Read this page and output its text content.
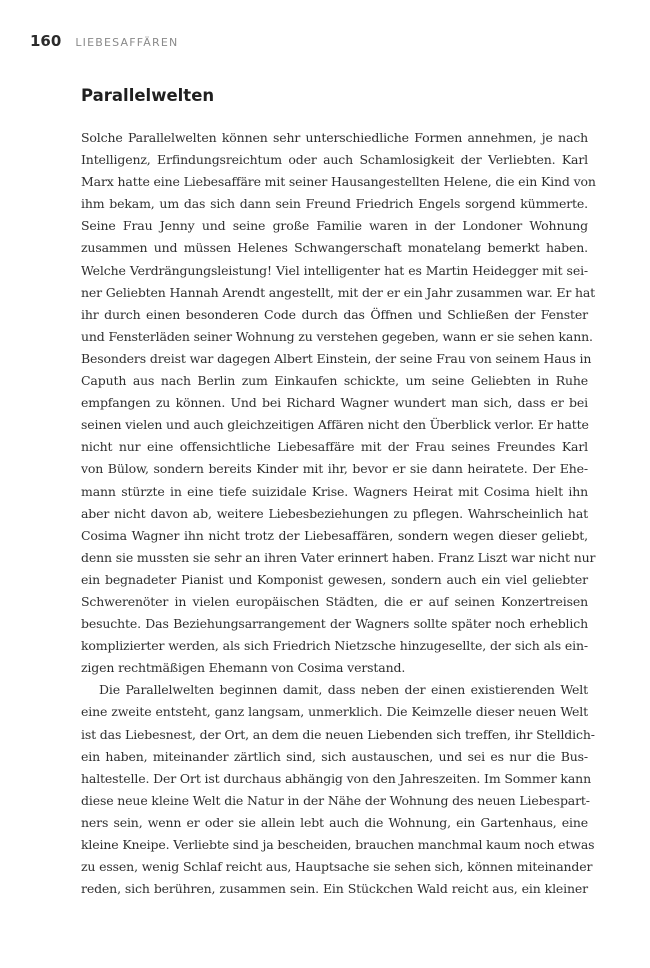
160 LIEBESAFFÄREN
Parallelwelten
Solche Parallelwelten können sehr unterschiedliche Formen annehmen, je nach
Intelligenz, Erfindungsreichtum oder auch Schamlosigkeit der Verliebten. Karl
Marx hatte eine Liebesaffäre mit seiner Hausangestellten Helene, die ein Kind von
ihm bekam, um das sich dann sein Freund Friedrich Engels sorgend kümmerte.
Seine Frau Jenny und seine große Familie waren in der Londoner Wohnung
zusammen und müssen Helenes Schwangerschaft monatelang bemerkt haben.
Welche Verdrängungsleistung! Viel intelligenter hat es Martin Heidegger mit sei-
ner Geliebten Hannah Arendt angestellt, mit der er ein Jahr zusammen war. Er hat
ihr durch einen besonderen Code durch das Öffnen und Schließen der Fenster
und Fensterläden seiner Wohnung zu verstehen gegeben, wann er sie sehen kann.
Besonders dreist war dagegen Albert Einstein, der seine Frau von seinem Haus in
Caputh aus nach Berlin zum Einkaufen schickte, um seine Geliebten in Ruhe
empfangen zu können. Und bei Richard Wagner wundert man sich, dass er bei
seinen vielen und auch gleichzeitigen Affären nicht den Überblick verlor. Er hatte
nicht nur eine offensichtliche Liebesaffäre mit der Frau seines Freundes Karl
von Bülow, sondern bereits Kinder mit ihr, bevor er sie dann heiratete. Der Ehe-
mann stürzte in eine tiefe suizidale Krise. Wagners Heirat mit Cosima hielt ihn
aber nicht davon ab, weitere Liebesbeziehungen zu pflegen. Wahrscheinlich hat
Cosima Wagner ihn nicht trotz der Liebesaffären, sondern wegen dieser geliebt,
denn sie mussten sie sehr an ihren Vater erinnert haben. Franz Liszt war nicht nur
ein begnadeter Pianist und Komponist gewesen, sondern auch ein viel geliebter
Schwerenöter in vielen europäischen Städten, die er auf seinen Konzertreisen
besuchte. Das Beziehungsarrangement der Wagners sollte später noch erheblich
komplizierter werden, als sich Friedrich Nietzsche hinzugesellte, der sich als ein-
zigen rechtmäßigen Ehemann von Cosima verstand.
Die Parallelwelten beginnen damit, dass neben der einen existierenden Welt
eine zweite entsteht, ganz langsam, unmerklich. Die Keimzelle dieser neuen Welt
ist das Liebesnest, der Ort, an dem die neuen Liebenden sich treffen, ihr Stelldich-
ein haben, miteinander zärtlich sind, sich austauschen, und sei es nur die Bus-
haltestelle. Der Ort ist durchaus abhängig von den Jahreszeiten. Im Sommer kann
diese neue kleine Welt die Natur in der Nähe der Wohnung des neuen Liebespart-
ners sein, wenn er oder sie allein lebt auch die Wohnung, ein Gartenhaus, eine
kleine Kneipe. Verliebte sind ja bescheiden, brauchen manchmal kaum noch etwas
zu essen, wenig Schlaf reicht aus, Hauptsache sie sehen sich, können miteinander
reden, sich berühren, zusammen sein. Ein Stückchen Wald reicht aus, ein kleiner
